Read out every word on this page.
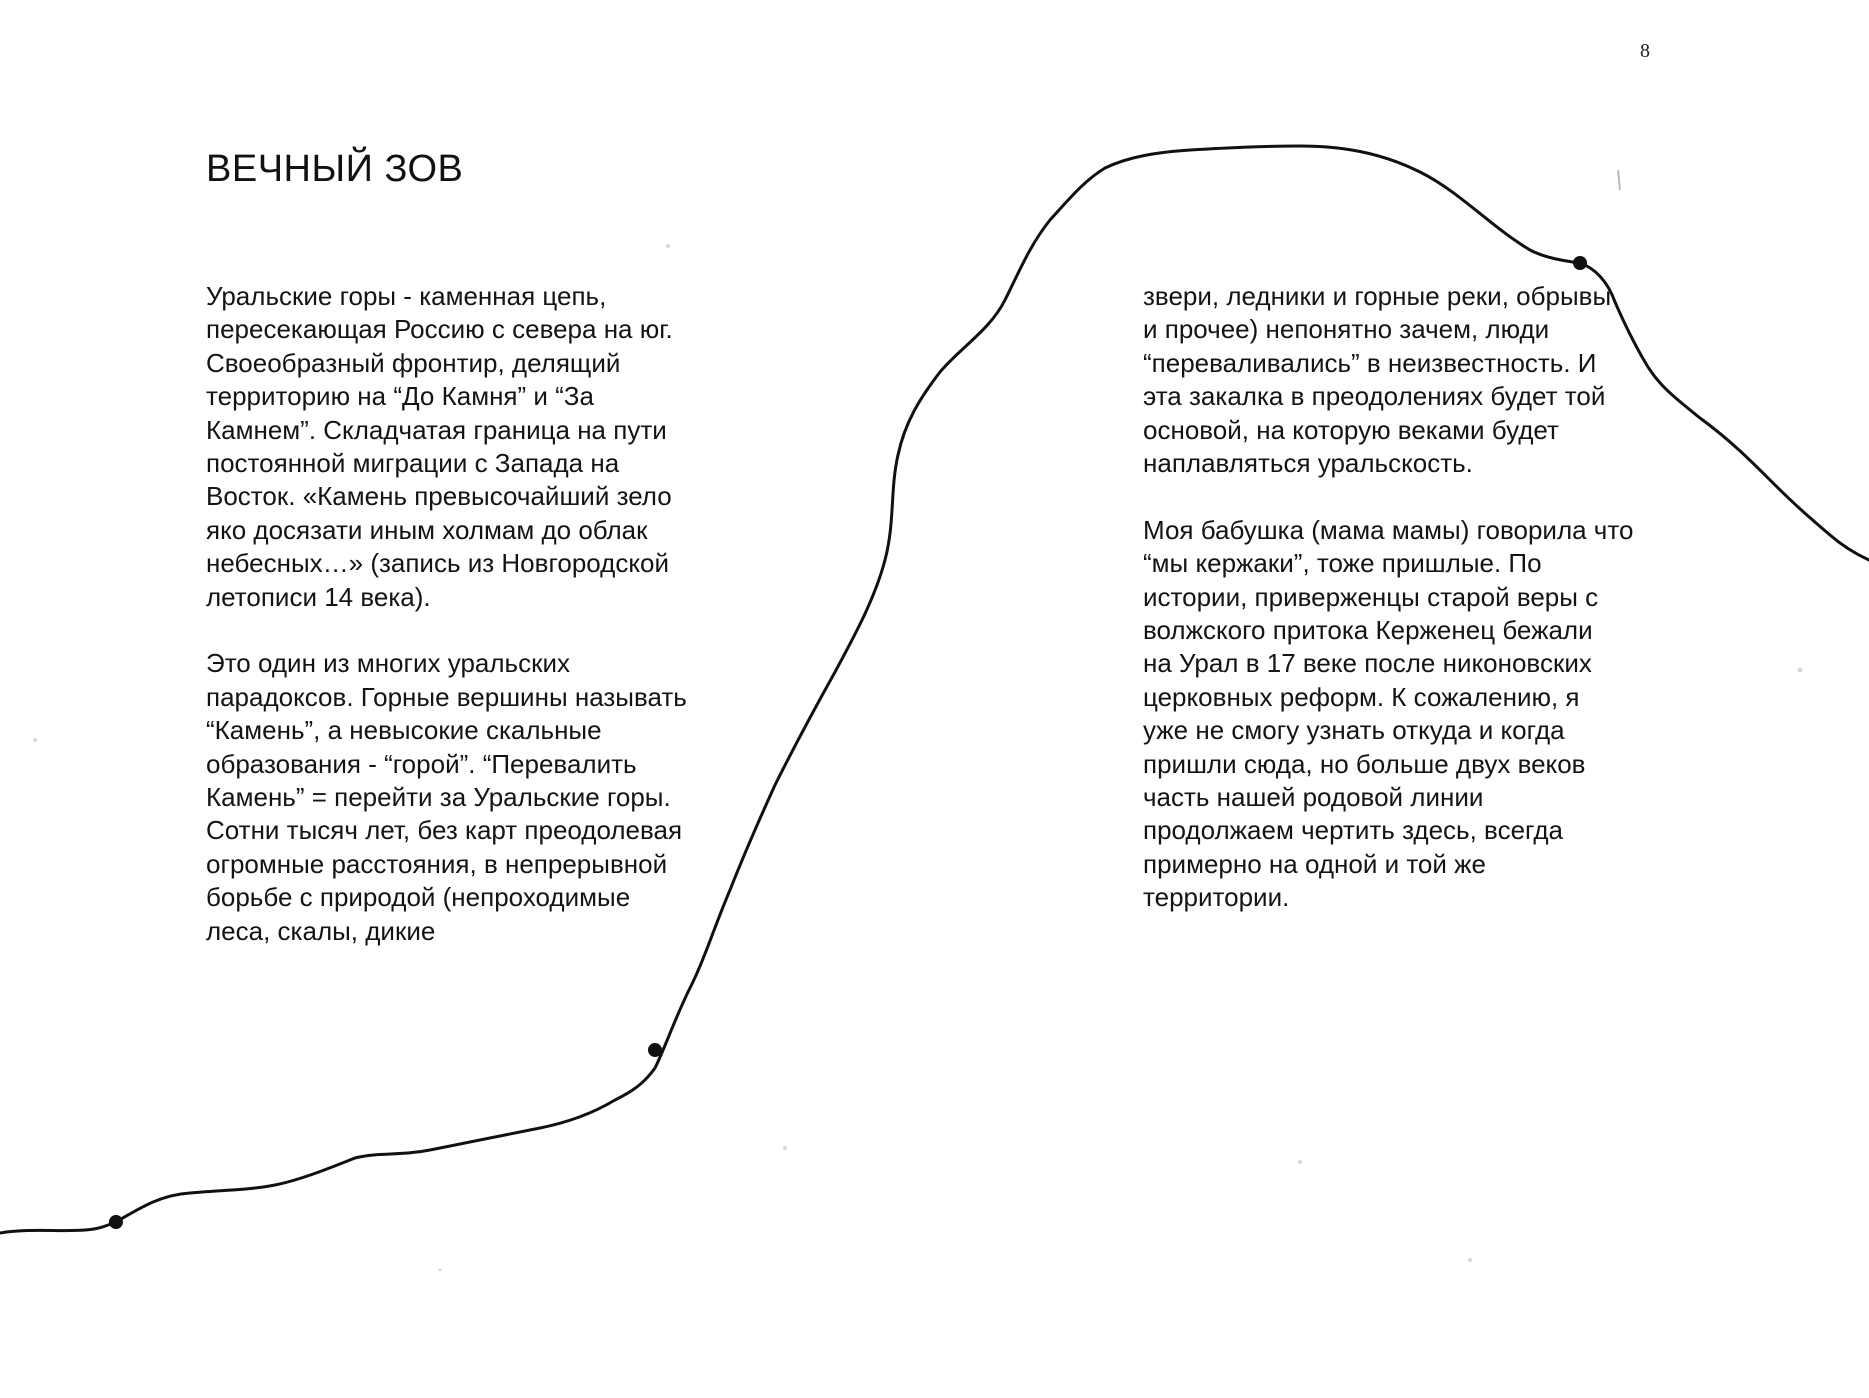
8
ВЕЧНЫЙ ЗОВ

Уральские горы - каменная цепь,
пересекающая Россию с севера на юг.
Своеобразный фронтир, делящий
территорию на “До Камня” и “За
Камнем”. Складчатая граница на пути
постоянной миграции с Запада на
Восток. «Камень превысочайший зело
яко досязати иным холмам до облак
небесных…» (запись из Новгородской
летописи 14 века).

Это один из многих уральских
парадоксов. Горные вершины называть
“Камень”, а невысокие скальные
образования - “горой”. “Перевалить
Камень” = перейти за Уральские горы.
Сотни тысяч лет, без карт преодолевая
огромные расстояния, в непрерывной
борьбе с природой (непроходимые
леса, скалы, дикие

звери, ледники и горные реки, обрывы
и прочее) непонятно зачем, люди
“переваливались” в неизвестность. И
эта закалка в преодолениях будет той
основой, на которую веками будет
наплавляться уральскость.

Моя бабушка (мама мамы) говорила что
“мы кержаки”, тоже пришлые. По
истории, приверженцы старой веры с
волжского притока Керженец бежали
на Урал в 17 веке после никоновских
церковных реформ. К сожалению, я
уже не смогу узнать откуда и когда
пришли сюда, но больше двух веков
часть нашей родовой линии
продолжаем чертить здесь, всегда
примерно на одной и той же
территории.
